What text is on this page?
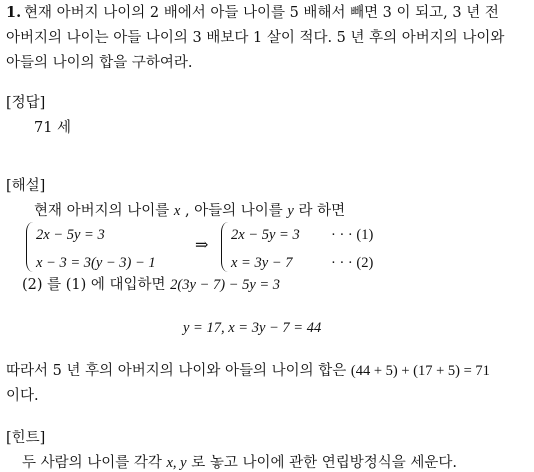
1. 현재 아버지 나이의 2 배에서 아들 나이를 5 배해서 빼면 3 이 되고, 3 년 전
아버지의 나이는 아들 나이의 3 배보다 1 살이 적다. 5 년 후의 아버지의 나이와
아들의 나이의 합을 구하여라.
[정답]
71 세
[해설]
현재 아버지의 나이를 x , 아들의 나이를 y 라 하면
2x − 5y = 3
x − 3 = 3(y − 3) − 1
⇒
2x − 5y = 3
x = 3y − 7
· · · (1)
· · · (2)
(2) 를 (1) 에 대입하면 2(3y − 7) − 5y = 3
y = 17, x = 3y − 7 = 44
따라서 5 년 후의 아버지의 나이와 아들의 나이의 합은 (44 + 5) + (17 + 5) = 71
이다.
[힌트]
두 사람의 나이를 각각 x, y 로 놓고 나이에 관한 연립방정식을 세운다.
